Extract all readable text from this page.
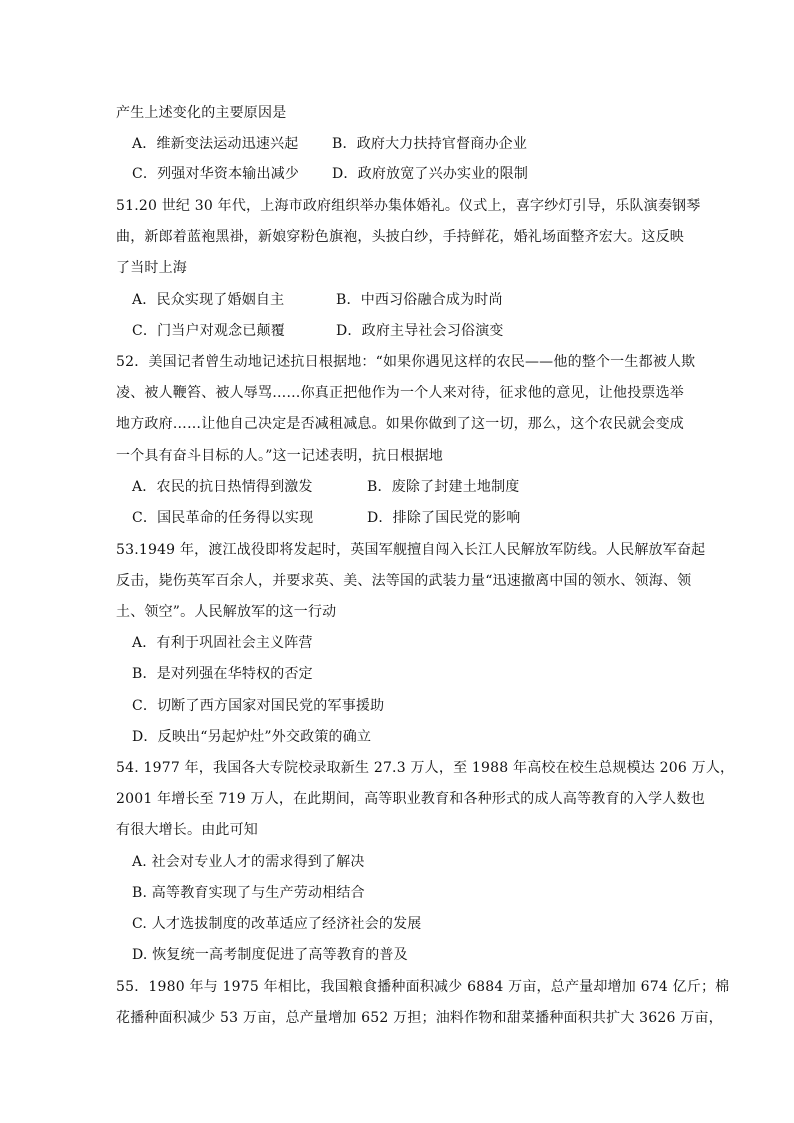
产生上述变化的主要原因是
A．维新变法运动迅速兴起 B．政府大力扶持官督商办企业
C．列强对华资本输出减少 D．政府放宽了兴办实业的限制
51.20 世纪 30 年代，上海市政府组织举办集体婚礼。仪式上，喜字纱灯引导，乐队演奏钢琴
曲，新郎着蓝袍黑褂，新娘穿粉色旗袍，头披白纱，手持鲜花，婚礼场面整齐宏大。这反映
了当时上海
A．民众实现了婚姻自主	B．中西习俗融合成为时尚
C．门当户对观念已颠覆	D．政府主导社会习俗演变
52．美国记者曾生动地记述抗日根据地：“如果你遇见这样的农民——他的整个一生都被人欺
凌、被人鞭笞、被人辱骂……你真正把他作为一个人来对待，征求他的意见，让他投票选举
地方政府……让他自己决定是否减租减息。如果你做到了这一切，那么，这个农民就会变成
一个具有奋斗目标的人。”这一记述表明，抗日根据地
A．农民的抗日热情得到激发	B．废除了封建土地制度
C．国民革命的任务得以实现	D．排除了国民党的影响
53.1949 年，渡江战役即将发起时，英国军舰擅自闯入长江人民解放军防线。人民解放军奋起
反击，毙伤英军百余人，并要求英、美、法等国的武装力量“迅速撤离中国的领水、领海、领
土、领空”。人民解放军的这一行动
A．有利于巩固社会主义阵营
B．是对列强在华特权的否定
C．切断了西方国家对国民党的军事援助
D．反映出“另起炉灶”外交政策的确立
54. 1977 年，我国各大专院校录取新生 27.3 万人，至 1988 年高校在校生总规模达 206 万人，
2001 年增长至 719 万人，在此期间，高等职业教育和各种形式的成人高等教育的入学人数也
有很大增长。由此可知
A. 社会对专业人才的需求得到了解决
B. 高等教育实现了与生产劳动相结合
C. 人才选拔制度的改革适应了经济社会的发展
D. 恢复统一高考制度促进了高等教育的普及
55．1980 年与 1975 年相比，我国粮食播种面积减少 6884 万亩，总产量却增加 674 亿斤；棉
花播种面积减少 53 万亩，总产量增加 652 万担；油料作物和甜菜播种面积共扩大 3626 万亩，
